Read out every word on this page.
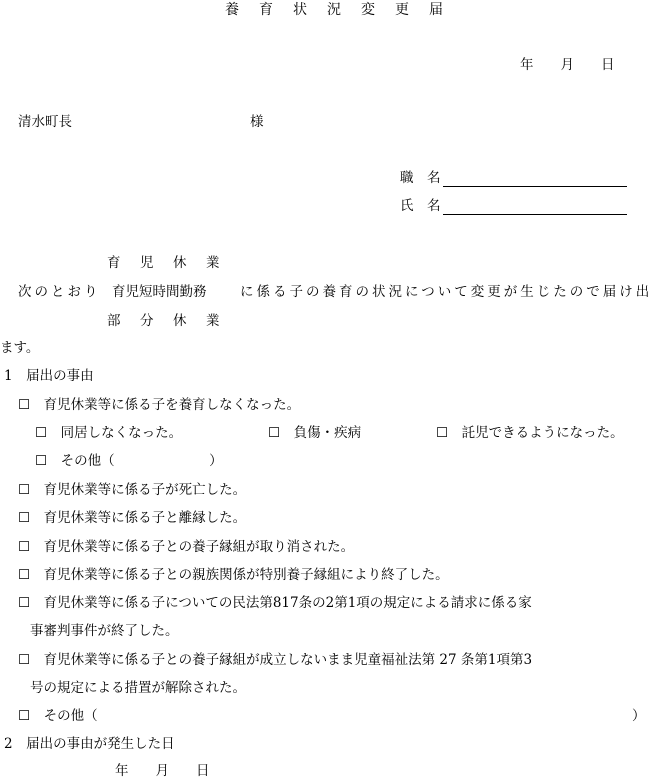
養　育　状　況　変　更　届
年　　月　　日
清水町長	様
職　名
氏　名
育　児　休　業
次のとおり 育児短時間勤務 に係る子の養育の状況について変更が生じたので届け出
部　分　休　業
ます。
1　届出の事由
☐　 育児休業等に係る子を養育しなくなった。
☐　 同居しなくなった。	☐　 負傷・疾病	☐　 託児できるようになった。
☐　 その他（　　　　　　　）
☐　 育児休業等に係る子が死亡した。
☐　 育児休業等に係る子と離縁した。
☐　 育児休業等に係る子との養子縁組が取り消された。
☐　 育児休業等に係る子との親族関係が特別養子縁組により終了した。
☐　 育児休業等に係る子についての民法第817条の2第1項の規定による請求に係る家
事審判事件が終了した。
☐　 育児休業等に係る子との養子縁組が成立しないまま児童福祉法第 27 条第1項第3
号の規定による措置が解除された。
☐　 その他（	）
2　届出の事由が発生した日
年　　月　　日
